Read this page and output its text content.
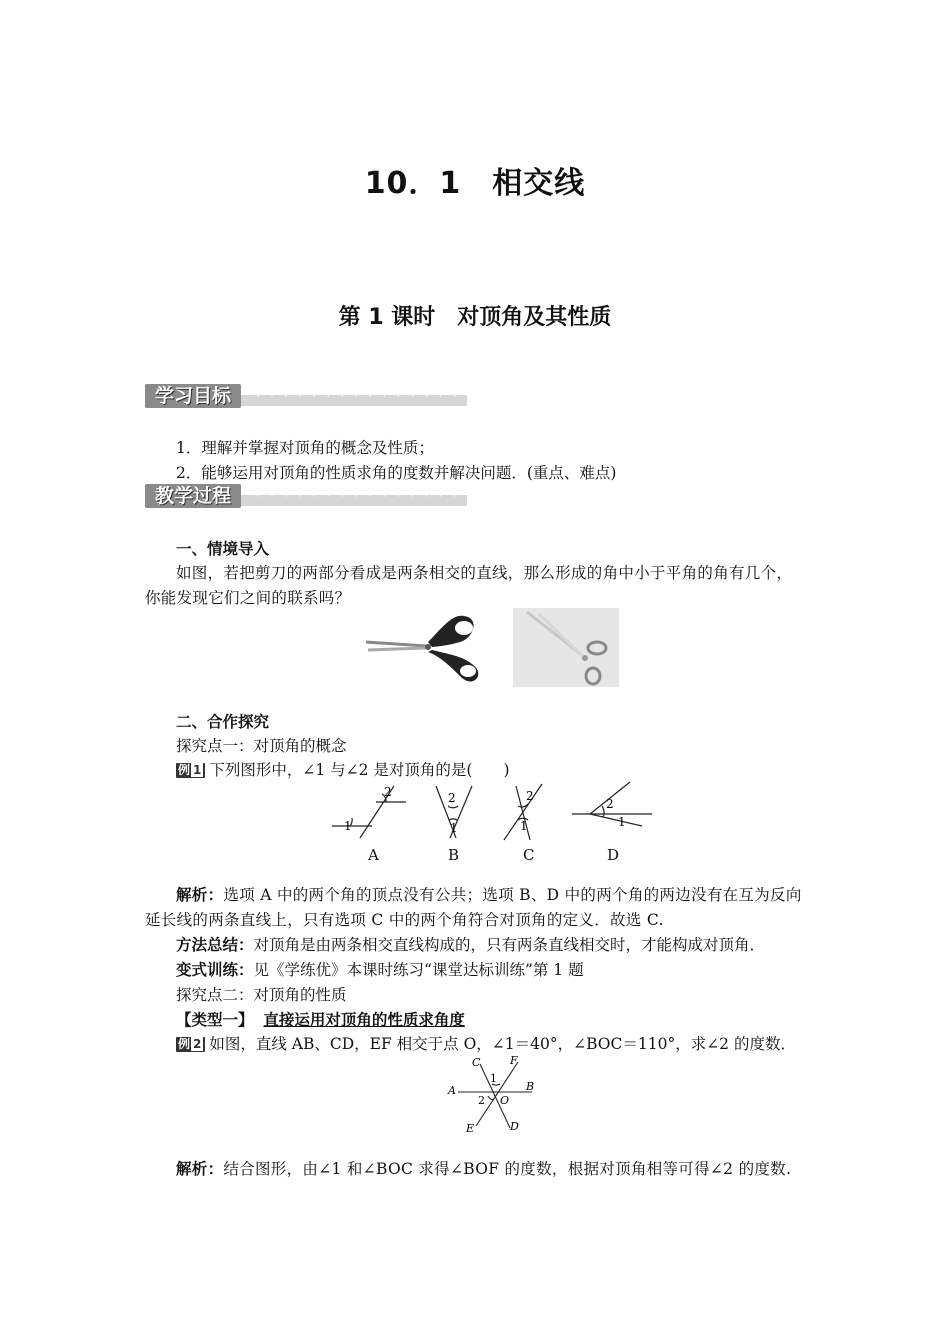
10．1　相交线
第 1 课时　对顶角及其性质
· · · · · · · · · · · · · · · · · · · · · · · · · ·
学习目标
1．理解并掌握对顶角的概念及性质；
2．能够运用对顶角的性质求角的度数并解决问题．(重点、难点)
· · · · · · · · · · · · · · · · · · · · · · · · · ·
教学过程
一、情境导入
如图，若把剪刀的两部分看成是两条相交的直线，那么形成的角中小于平角的角有几个，你能发现它们之间的联系吗？
二、合作探究
探究点一：对顶角的概念
例 1 下列图形中，∠1 与∠2 是对顶角的是(　　)
1
2	2
1
2
1
2
1
A	B	C	D
解析：选项 A 中的两个角的顶点没有公共；选项 B、D 中的两个角的两边没有在互为反向延长线的两条直线上，只有选项 C 中的两个角符合对顶角的定义．故选 C.
方法总结：对顶角是由两条相交直线构成的，只有两条直线相交时，才能构成对顶角．
变式训练：见《学练优》本课时练习“课堂达标训练”第 1 题
探究点二：对顶角的性质
【类型一】 直接运用对顶角的性质求角度
例 2 如图，直线 AB、CD，EF 相交于点 O，∠1＝40°，∠BOC＝110°，求∠2 的度数．
C	F
A	B
1
2 O
E	D
解析：结合图形，由∠1 和∠BOC 求得∠BOF 的度数，根据对顶角相等可得∠2 的度数.
